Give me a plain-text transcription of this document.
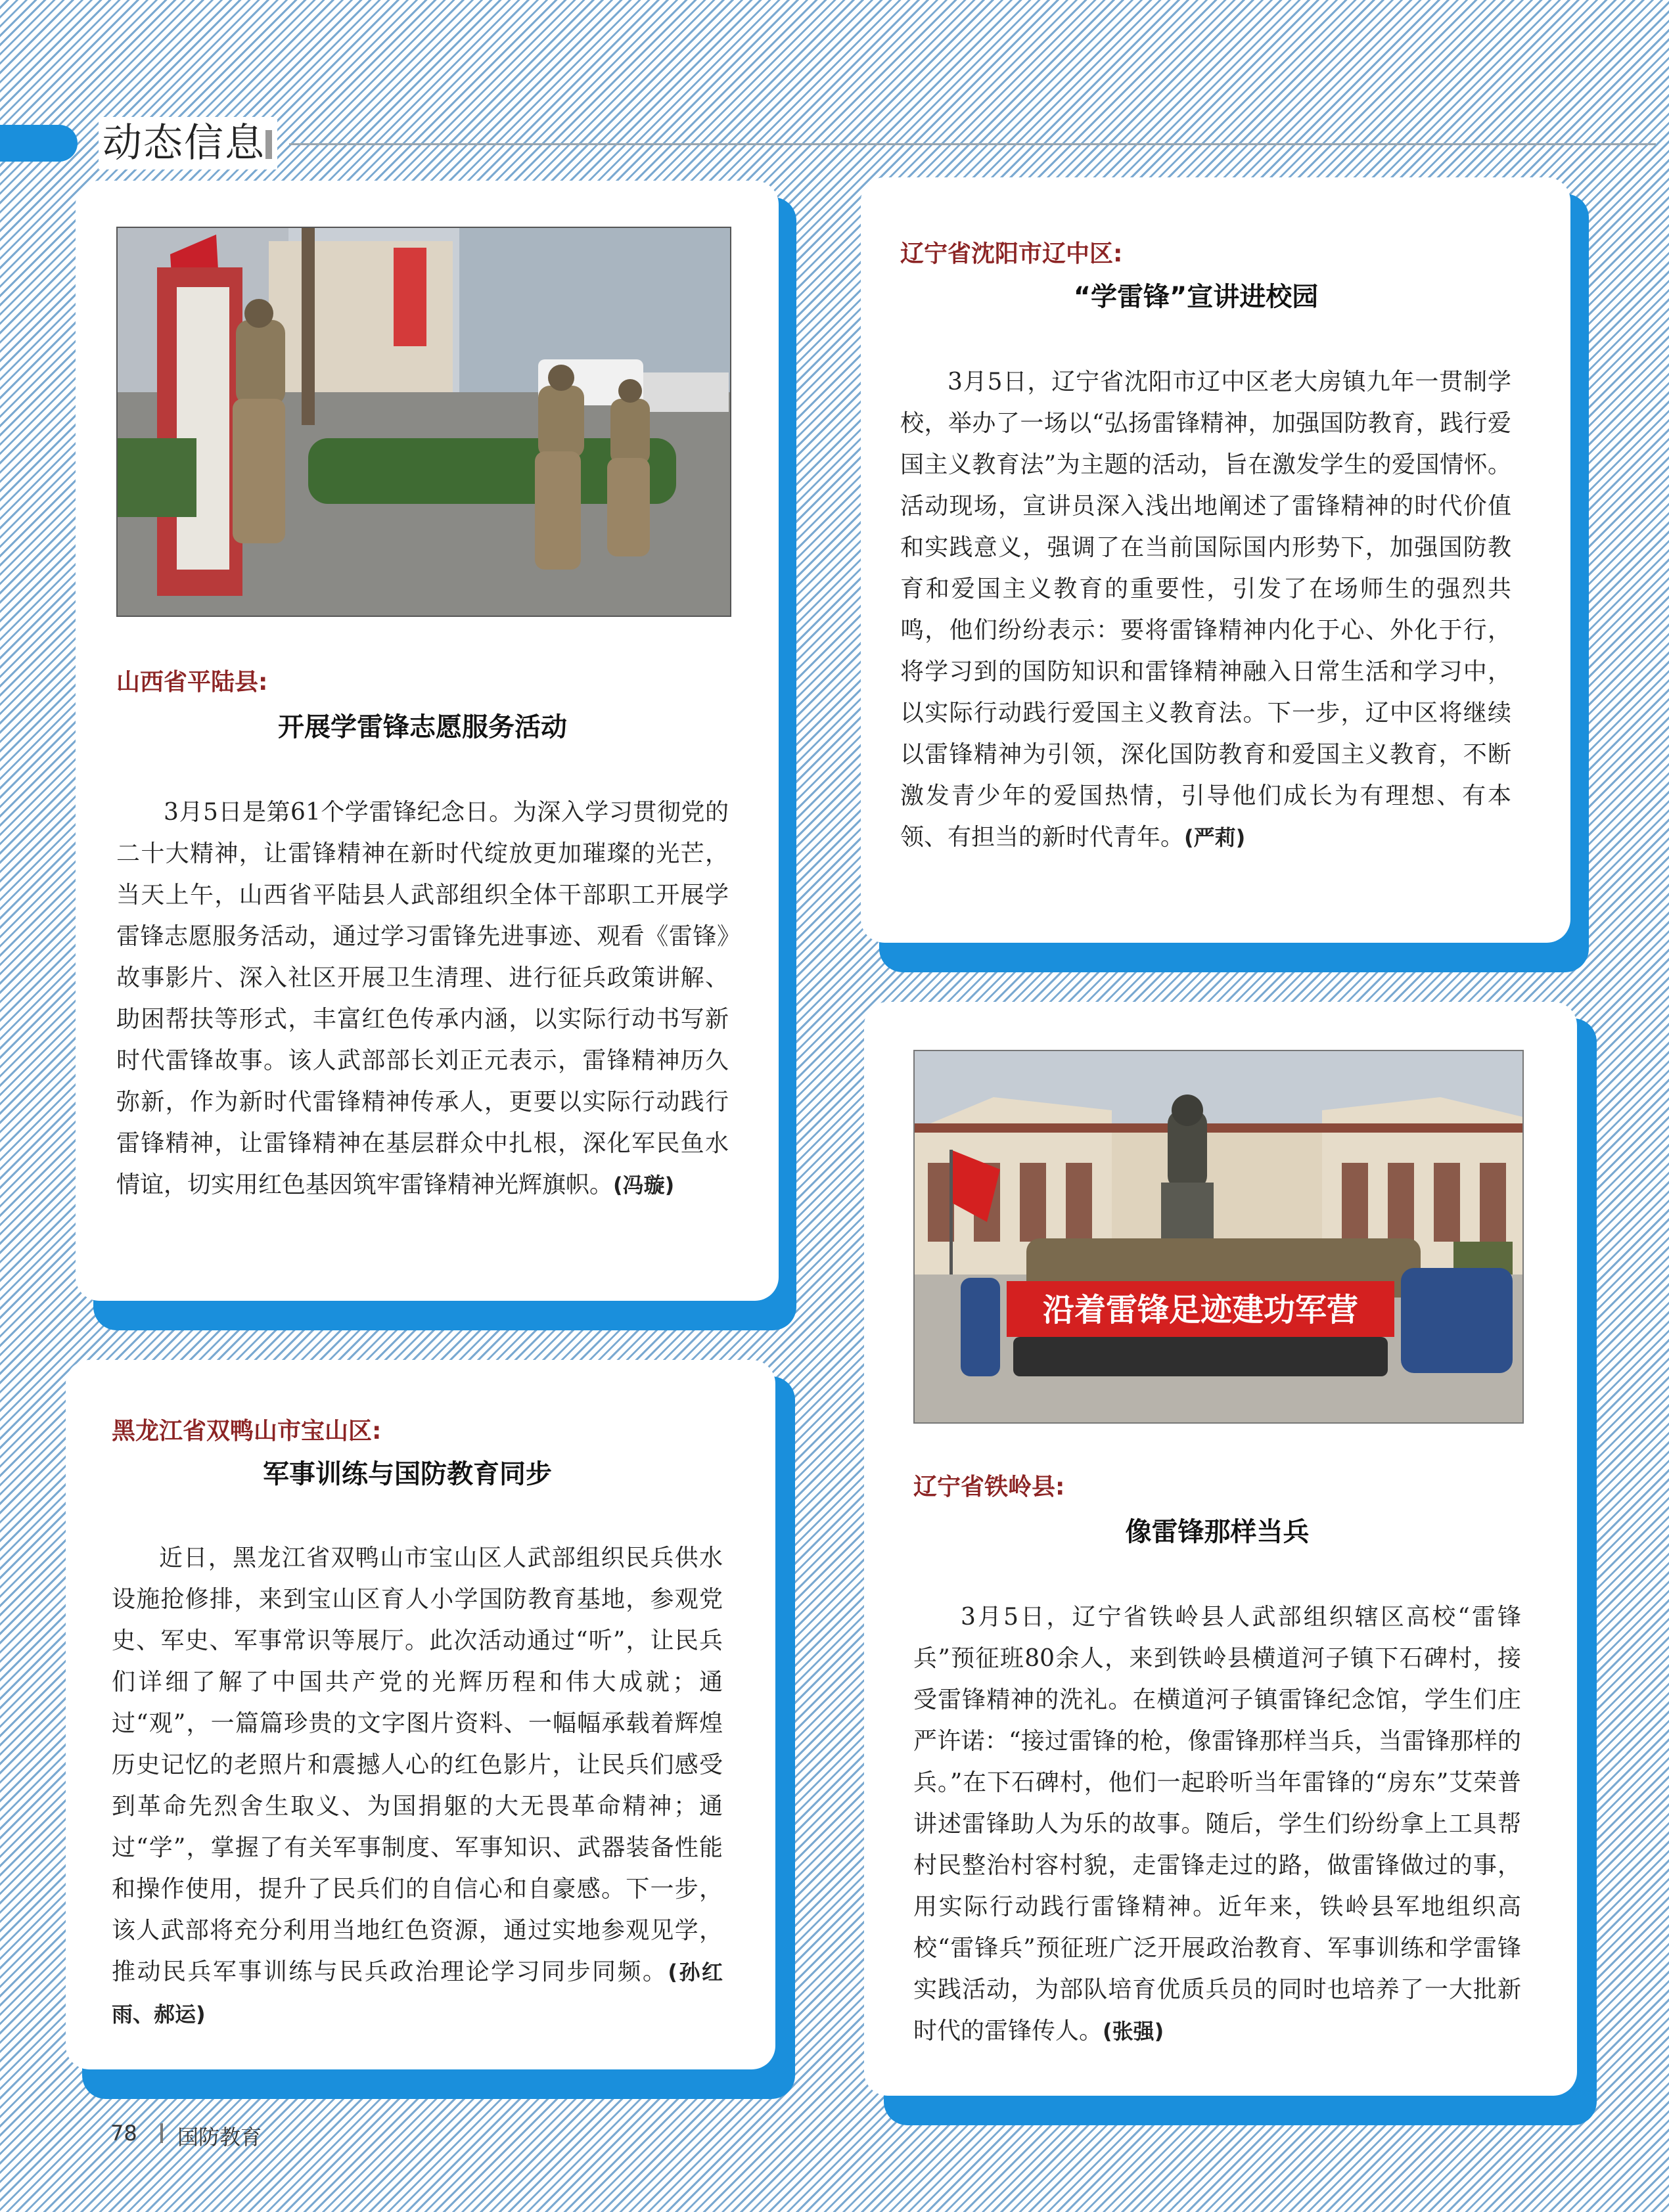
动态信息
山西省平陆县:
开展学雷锋志愿服务活动
3月5日是第61个学雷锋纪念日。为深入学习贯彻党的二十大精神，让雷锋精神在新时代绽放更加璀璨的光芒，当天上午，山西省平陆县人武部组织全体干部职工开展学雷锋志愿服务活动，通过学习雷锋先进事迹、观看《雷锋》故事影片、深入社区开展卫生清理、进行征兵政策讲解、助困帮扶等形式，丰富红色传承内涵，以实际行动书写新时代雷锋故事。该人武部部长刘正元表示，雷锋精神历久弥新，作为新时代雷锋精神传承人，更要以实际行动践行雷锋精神，让雷锋精神在基层群众中扎根，深化军民鱼水情谊，切实用红色基因筑牢雷锋精神光辉旗帜。(冯璇)
辽宁省沈阳市辽中区:
“学雷锋”宣讲进校园
3月5日，辽宁省沈阳市辽中区老大房镇九年一贯制学校，举办了一场以“弘扬雷锋精神，加强国防教育，践行爱国主义教育法”为主题的活动，旨在激发学生的爱国情怀。活动现场，宣讲员深入浅出地阐述了雷锋精神的时代价值和实践意义，强调了在当前国际国内形势下，加强国防教育和爱国主义教育的重要性，引发了在场师生的强烈共鸣，他们纷纷表示：要将雷锋精神内化于心、外化于行，将学习到的国防知识和雷锋精神融入日常生活和学习中，以实际行动践行爱国主义教育法。下一步，辽中区将继续以雷锋精神为引领，深化国防教育和爱国主义教育，不断激发青少年的爱国热情，引导他们成长为有理想、有本领、有担当的新时代青年。(严莉)
黑龙江省双鸭山市宝山区:
军事训练与国防教育同步
近日，黑龙江省双鸭山市宝山区人武部组织民兵供水设施抢修排，来到宝山区育人小学国防教育基地，参观党史、军史、军事常识等展厅。此次活动通过“听”，让民兵们详细了解了中国共产党的光辉历程和伟大成就；通过“观”，一篇篇珍贵的文字图片资料、一幅幅承载着辉煌历史记忆的老照片和震撼人心的红色影片，让民兵们感受到革命先烈舍生取义、为国捐躯的大无畏革命精神；通过“学”，掌握了有关军事制度、军事知识、武器装备性能和操作使用，提升了民兵们的自信心和自豪感。下一步，该人武部将充分利用当地红色资源，通过实地参观见学，推动民兵军事训练与民兵政治理论学习同步同频。(孙红雨、郝运)
沿着雷锋足迹建功军营
辽宁省铁岭县:
像雷锋那样当兵
3月5日，辽宁省铁岭县人武部组织辖区高校“雷锋兵”预征班80余人，来到铁岭县横道河子镇下石碑村，接受雷锋精神的洗礼。在横道河子镇雷锋纪念馆，学生们庄严许诺：“接过雷锋的枪，像雷锋那样当兵，当雷锋那样的兵。”在下石碑村，他们一起聆听当年雷锋的“房东”艾荣普讲述雷锋助人为乐的故事。随后，学生们纷纷拿上工具帮村民整治村容村貌，走雷锋走过的路，做雷锋做过的事，用实际行动践行雷锋精神。近年来，铁岭县军地组织高校“雷锋兵”预征班广泛开展政治教育、军事训练和学雷锋实践活动，为部队培育优质兵员的同时也培养了一大批新时代的雷锋传人。(张强)
78 国防教育
